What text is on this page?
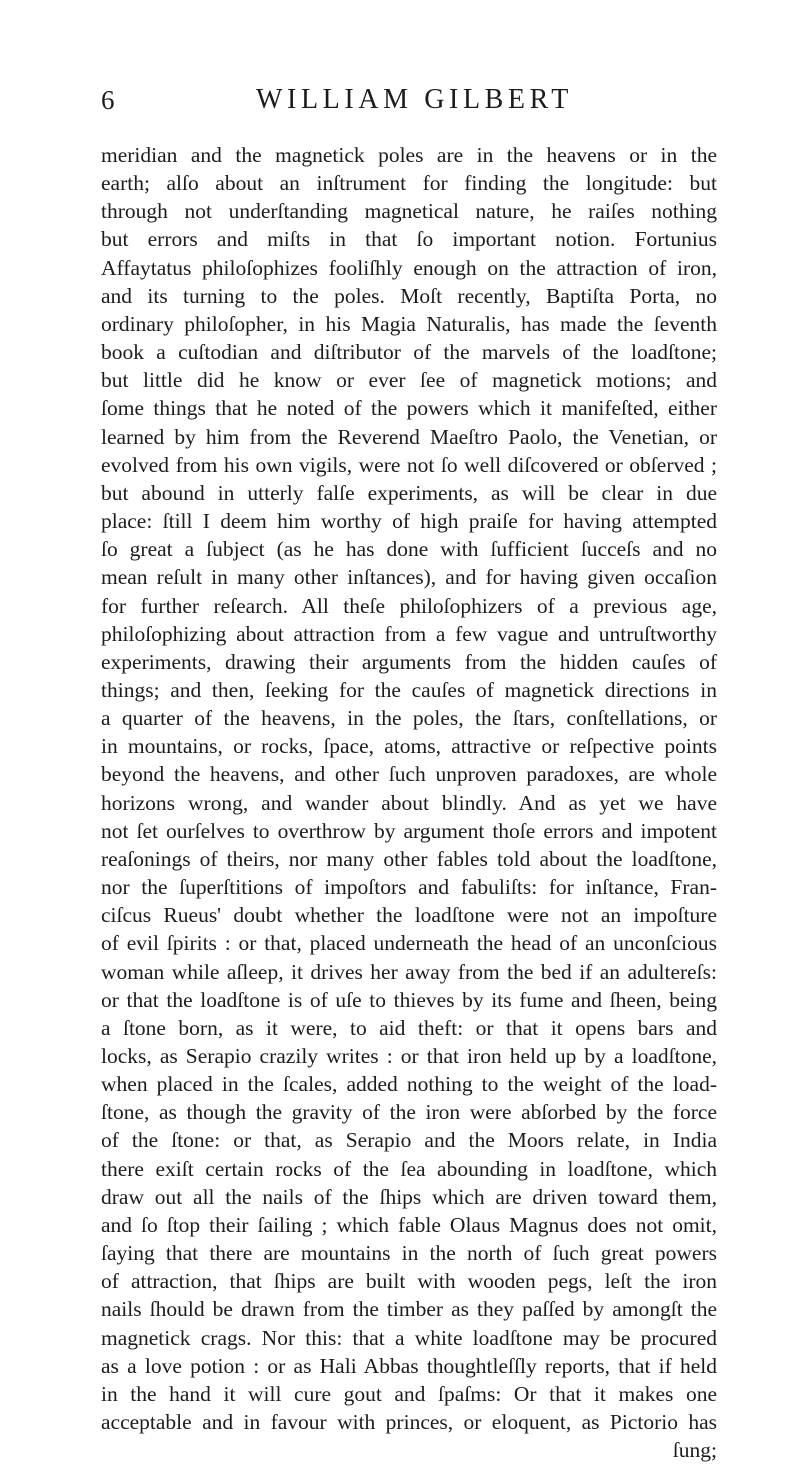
6	WILLIAM GILBERT
meridian and the magnetick poles are in the heavens or in the
earth; alſo about an inſtrument for finding the longitude: but
through not underſtanding magnetical nature, he raiſes nothing
but errors and miſts in that ſo important notion. Fortunius
Affaytatus philoſophizes fooliſhly enough on the attraction of iron,
and its turning to the poles. Moſt recently, Baptiſta Porta, no
ordinary philoſopher, in his Magia Naturalis, has made the ſeventh
book a cuſtodian and diſtributor of the marvels of the loadſtone;
but little did he know or ever ſee of magnetick motions; and
ſome things that he noted of the powers which it manifeſted, either
learned by him from the Reverend Maeſtro Paolo, the Venetian, or
evolved from his own vigils, were not ſo well diſcovered or obſerved ;
but abound in utterly falſe experiments, as will be clear in due
place: ſtill I deem him worthy of high praiſe for having attempted
ſo great a ſubject (as he has done with ſufficient ſucceſs and no
mean reſult in many other inſtances), and for having given occaſion
for further reſearch. All theſe philoſophizers of a previous age,
philoſophizing about attraction from a few vague and untruſtworthy
experiments, drawing their arguments from the hidden cauſes of
things; and then, ſeeking for the cauſes of magnetick directions in
a quarter of the heavens, in the poles, the ſtars, conſtellations, or
in mountains, or rocks, ſpace, atoms, attractive or reſpective points
beyond the heavens, and other ſuch unproven paradoxes, are whole
horizons wrong, and wander about blindly. And as yet we have
not ſet ourſelves to overthrow by argument thoſe errors and impotent
reaſonings of theirs, nor many other fables told about the loadſtone,
nor the ſuperſtitions of impoſtors and fabuliſts: for inſtance, Fran-
ciſcus Rueus' doubt whether the loadſtone were not an impoſture
of evil ſpirits : or that, placed underneath the head of an unconſcious
woman while aſleep, it drives her away from the bed if an adultereſs:
or that the loadſtone is of uſe to thieves by its fume and ſheen, being
a ſtone born, as it were, to aid theft: or that it opens bars and
locks, as Serapio crazily writes : or that iron held up by a loadſtone,
when placed in the ſcales, added nothing to the weight of the load-
ſtone, as though the gravity of the iron were abſorbed by the force
of the ſtone: or that, as Serapio and the Moors relate, in India
there exiſt certain rocks of the ſea abounding in loadſtone, which
draw out all the nails of the ſhips which are driven toward them,
and ſo ſtop their ſailing ; which fable Olaus Magnus does not omit,
ſaying that there are mountains in the north of ſuch great powers
of attraction, that ſhips are built with wooden pegs, leſt the iron
nails ſhould be drawn from the timber as they paſſed by amongſt the
magnetick crags. Nor this: that a white loadſtone may be procured
as a love potion : or as Hali Abbas thoughtleſſly reports, that if held
in the hand it will cure gout and ſpaſms: Or that it makes one
acceptable and in favour with princes, or eloquent, as Pictorio has
ſung;
